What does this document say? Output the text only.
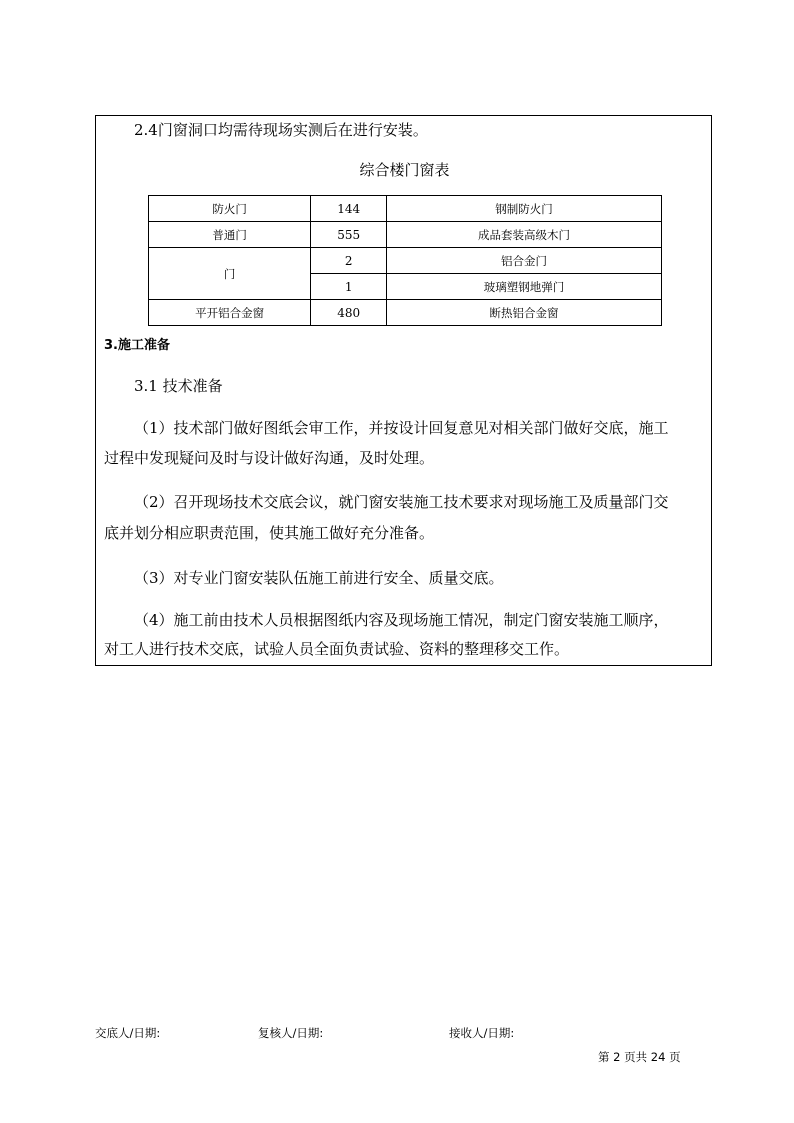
2.4门窗洞口均需待现场实测后在进行安装。
综合楼门窗表
防火门	144	钢制防火门
普通门	555	成品套装高级木门
门	2	铝合金门
	1	玻璃塑钢地弹门
平开铝合金窗	480	断热铝合金窗
3.施工准备
3.1 技术准备
（1）技术部门做好图纸会审工作，并按设计回复意见对相关部门做好交底，施工
过程中发现疑问及时与设计做好沟通，及时处理。
（2）召开现场技术交底会议，就门窗安装施工技术要求对现场施工及质量部门交
底并划分相应职责范围，使其施工做好充分准备。
（3）对专业门窗安装队伍施工前进行安全、质量交底。
（4）施工前由技术人员根据图纸内容及现场施工情况，制定门窗安装施工顺序，
对工人进行技术交底，试验人员全面负责试验、资料的整理移交工作。
交底人/日期:	复核人/日期:	接收人/日期:
第 2 页共 24 页
